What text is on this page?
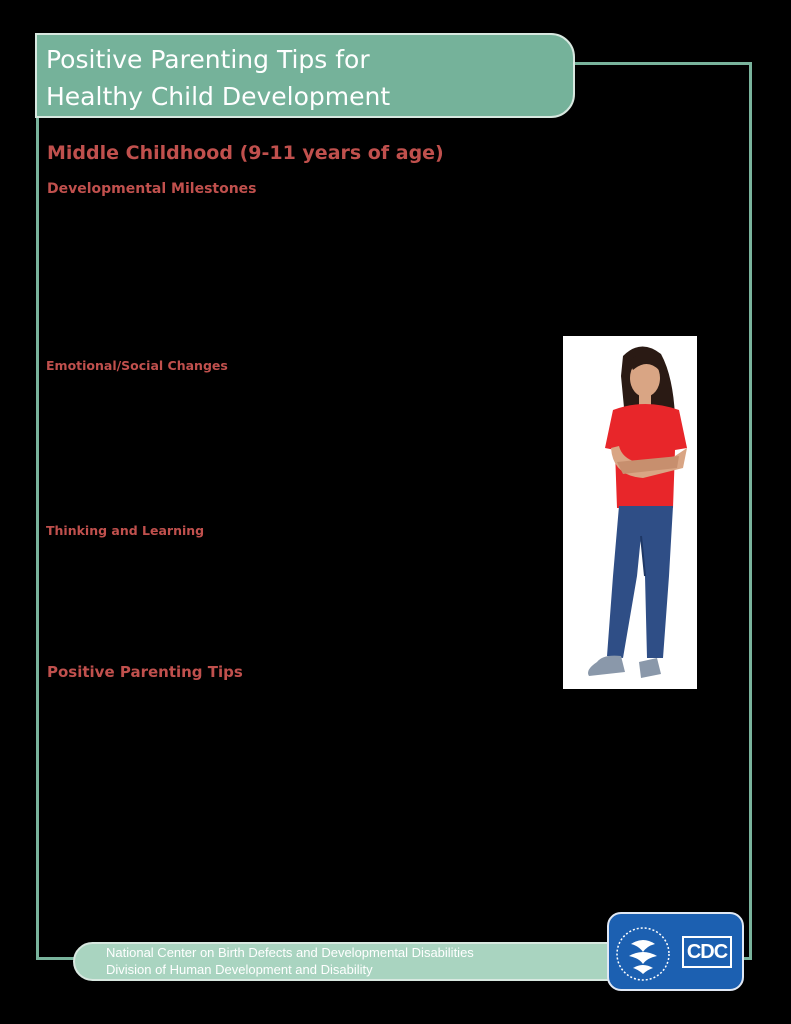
Positive Parenting Tips for
Healthy Child Development
Middle Childhood (9-11 years of age)
Developmental Milestones
Emotional/Social Changes
Thinking and Learning
Positive Parenting Tips
National Center on Birth Defects and Developmental Disabilities
Division of Human Development and Disability
CDC
